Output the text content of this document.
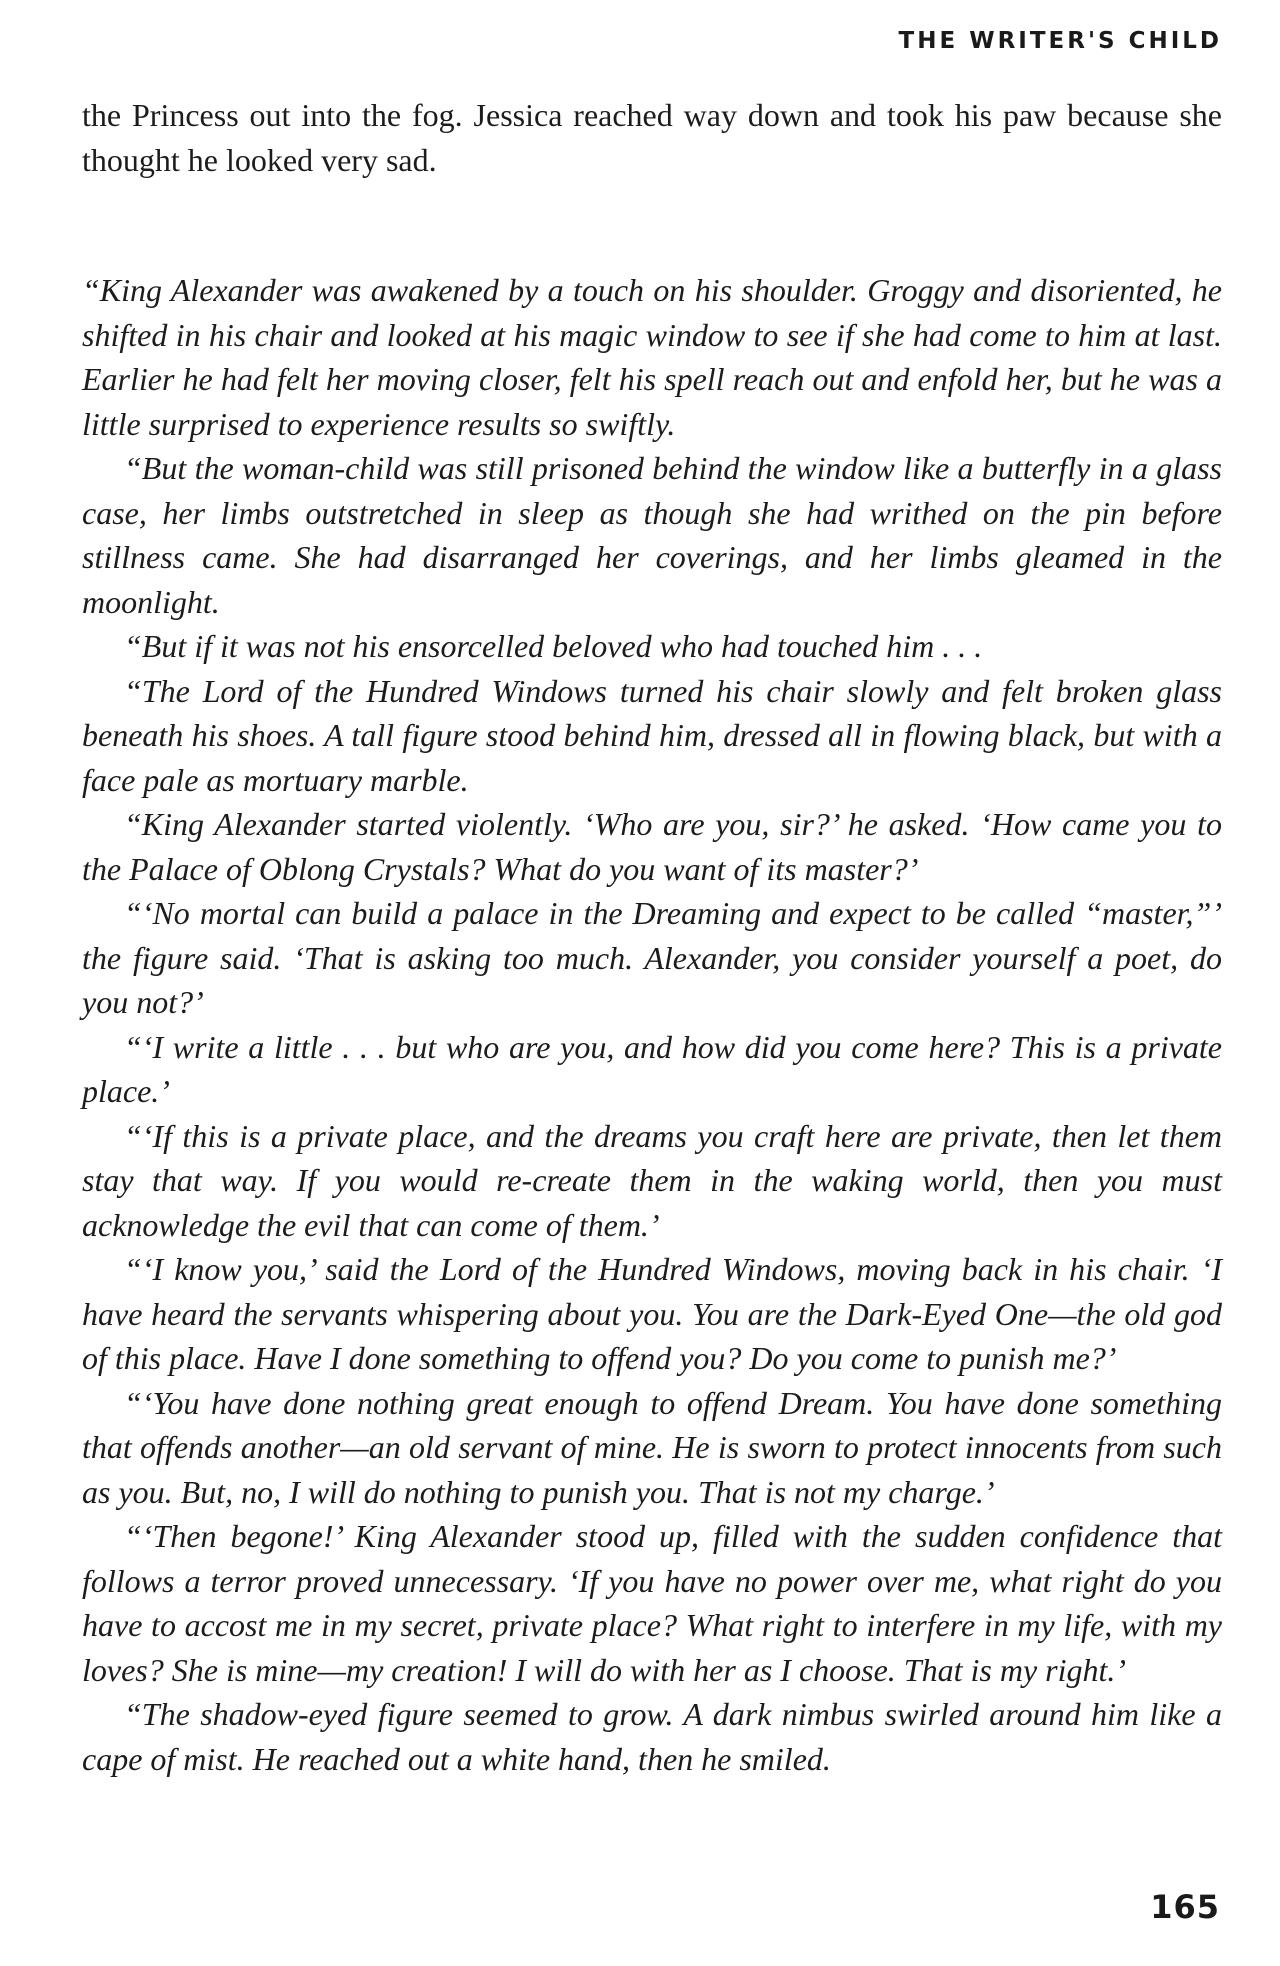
THE WRITER'S CHILD

the Princess out into the fog. Jessica reached way down and took his paw because she thought he looked very sad.

“King Alexander was awakened by a touch on his shoulder. Groggy and disoriented, he shifted in his chair and looked at his magic window to see if she had come to him at last. Earlier he had felt her moving closer, felt his spell reach out and enfold her, but he was a little surprised to experience results so swiftly.

“But the woman-child was still prisoned behind the window like a butterfly in a glass case, her limbs outstretched in sleep as though she had writhed on the pin before stillness came. She had disarranged her coverings, and her limbs gleamed in the moonlight.

“But if it was not his ensorcelled beloved who had touched him . . .

“The Lord of the Hundred Windows turned his chair slowly and felt broken glass beneath his shoes. A tall figure stood behind him, dressed all in flowing black, but with a face pale as mortuary marble.

“King Alexander started violently. ‘Who are you, sir?’ he asked. ‘How came you to the Palace of Oblong Crystals? What do you want of its master?’

“‘No mortal can build a palace in the Dreaming and expect to be called “master,”’ the figure said. ‘That is asking too much. Alexander, you consider yourself a poet, do you not?’

“‘I write a little . . . but who are you, and how did you come here? This is a private place.’

“‘If this is a private place, and the dreams you craft here are private, then let them stay that way. If you would re-create them in the waking world, then you must acknowledge the evil that can come of them.’

“‘I know you,’ said the Lord of the Hundred Windows, moving back in his chair. ‘I have heard the servants whispering about you. You are the Dark-Eyed One—the old god of this place. Have I done something to offend you? Do you come to punish me?’

“‘You have done nothing great enough to offend Dream. You have done something that offends another—an old servant of mine. He is sworn to protect innocents from such as you. But, no, I will do nothing to punish you. That is not my charge.’

“‘Then begone!’ King Alexander stood up, filled with the sudden confidence that follows a terror proved unnecessary. ‘If you have no power over me, what right do you have to accost me in my secret, private place? What right to interfere in my life, with my loves? She is mine—my creation! I will do with her as I choose. That is my right.’

“The shadow-eyed figure seemed to grow. A dark nimbus swirled around him like a cape of mist. He reached out a white hand, then he smiled.

165
